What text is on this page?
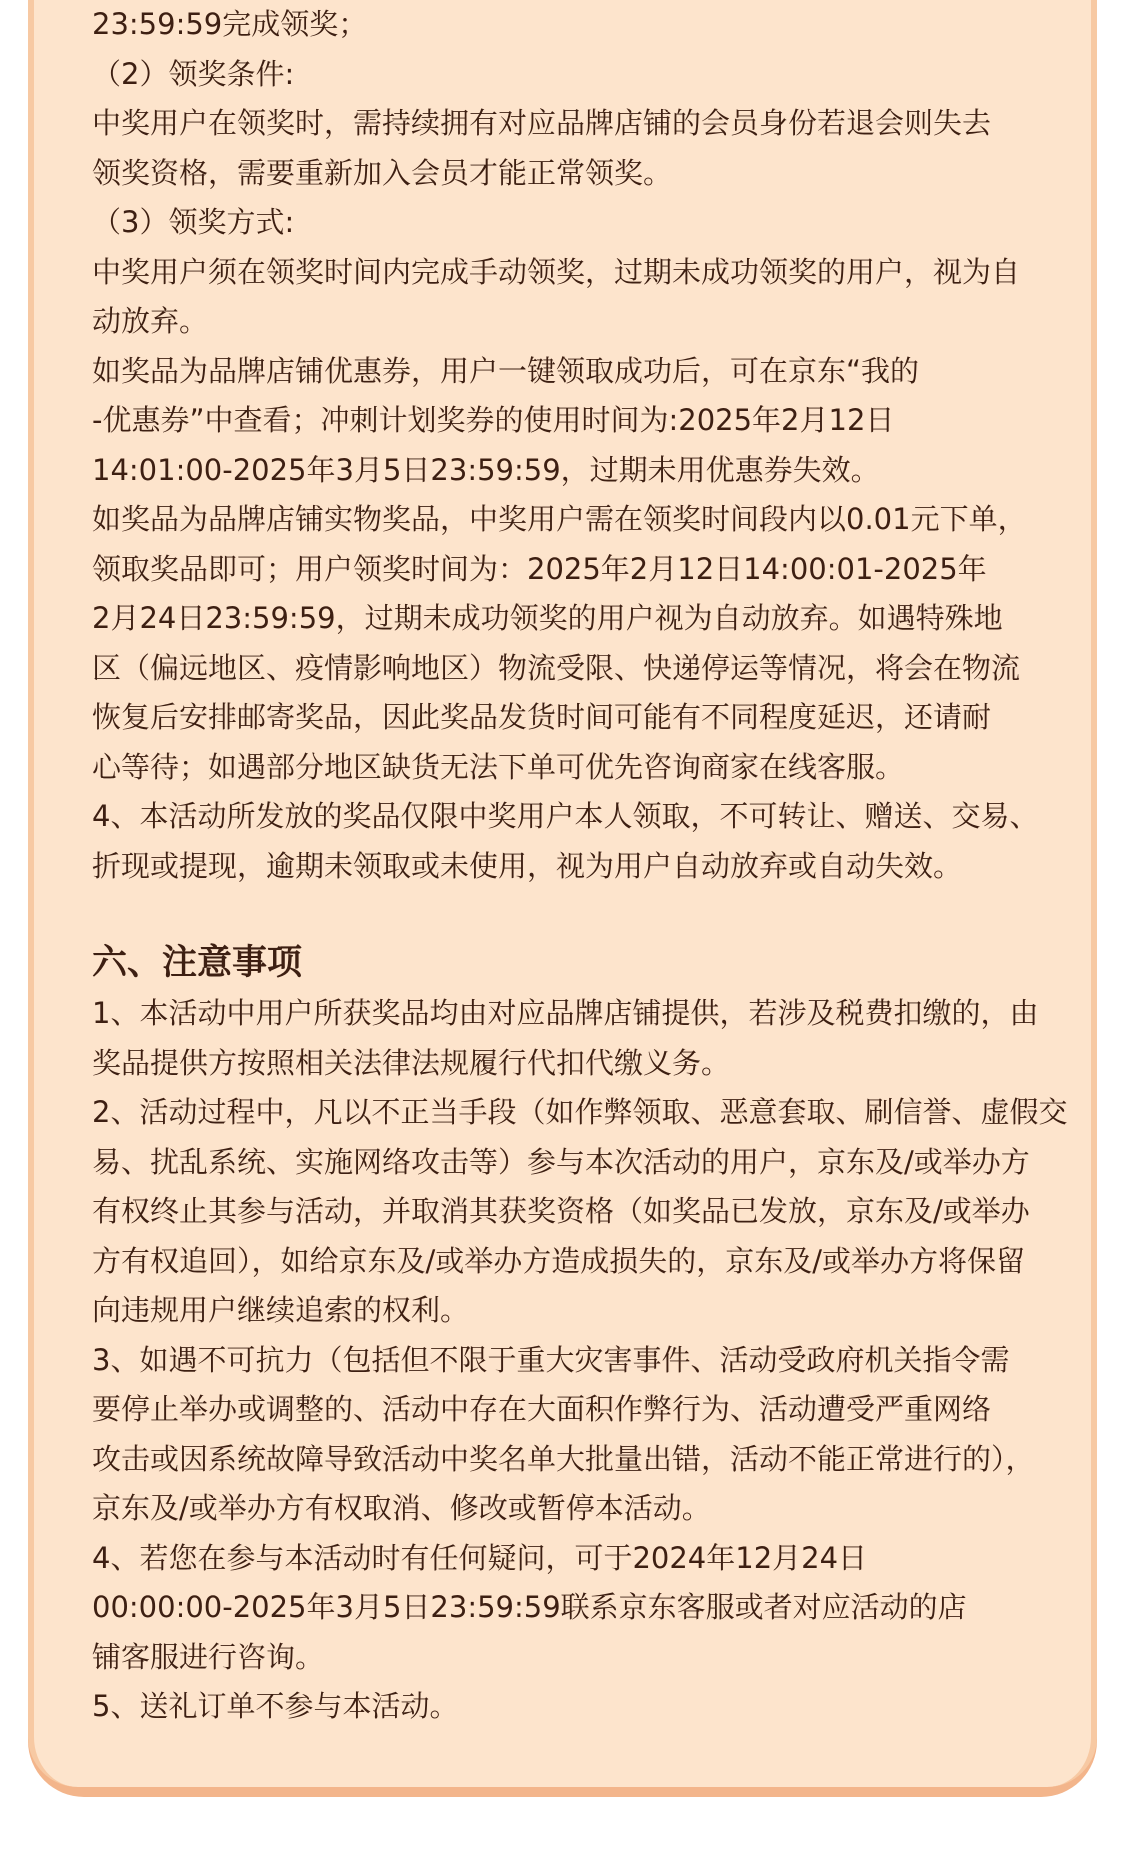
23:59:59完成领奖；
（2）领奖条件:
中奖用户在领奖时，需持续拥有对应品牌店铺的会员身份若退会则失去
领奖资格，需要重新加入会员才能正常领奖。
（3）领奖方式:
中奖用户须在领奖时间内完成手动领奖，过期未成功领奖的用户，视为自
动放弃。
如奖品为品牌店铺优惠券，用户一键领取成功后，可在京东“我的
-优惠券”中查看；冲刺计划奖券的使用时间为:2025年2月12日
14:01:00-2025年3月5日23:59:59，过期未用优惠券失效。
如奖品为品牌店铺实物奖品，中奖用户需在领奖时间段内以0.01元下单，
领取奖品即可；用户领奖时间为：2025年2月12日14:00:01-2025年
2月24日23:59:59，过期未成功领奖的用户视为自动放弃。如遇特殊地
区（偏远地区、疫情影响地区）物流受限、快递停运等情况，将会在物流
恢复后安排邮寄奖品，因此奖品发货时间可能有不同程度延迟，还请耐
心等待；如遇部分地区缺货无法下单可优先咨询商家在线客服。
4、本活动所发放的奖品仅限中奖用户本人领取，不可转让、赠送、交易、
折现或提现，逾期未领取或未使用，视为用户自动放弃或自动失效。
六、注意事项
1、本活动中用户所获奖品均由对应品牌店铺提供，若涉及税费扣缴的，由
奖品提供方按照相关法律法规履行代扣代缴义务。
2、活动过程中，凡以不正当手段（如作弊领取、恶意套取、刷信誉、虚假交
易、扰乱系统、实施网络攻击等）参与本次活动的用户，京东及/或举办方
有权终止其参与活动，并取消其获奖资格（如奖品已发放，京东及/或举办
方有权追回），如给京东及/或举办方造成损失的，京东及/或举办方将保留
向违规用户继续追索的权利。
3、如遇不可抗力（包括但不限于重大灾害事件、活动受政府机关指令需
要停止举办或调整的、活动中存在大面积作弊行为、活动遭受严重网络
攻击或因系统故障导致活动中奖名单大批量出错，活动不能正常进行的），
京东及/或举办方有权取消、修改或暂停本活动。
4、若您在参与本活动时有任何疑问，可于2024年12月24日
00:00:00-2025年3月5日23:59:59联系京东客服或者对应活动的店
铺客服进行咨询。
5、送礼订单不参与本活动。
